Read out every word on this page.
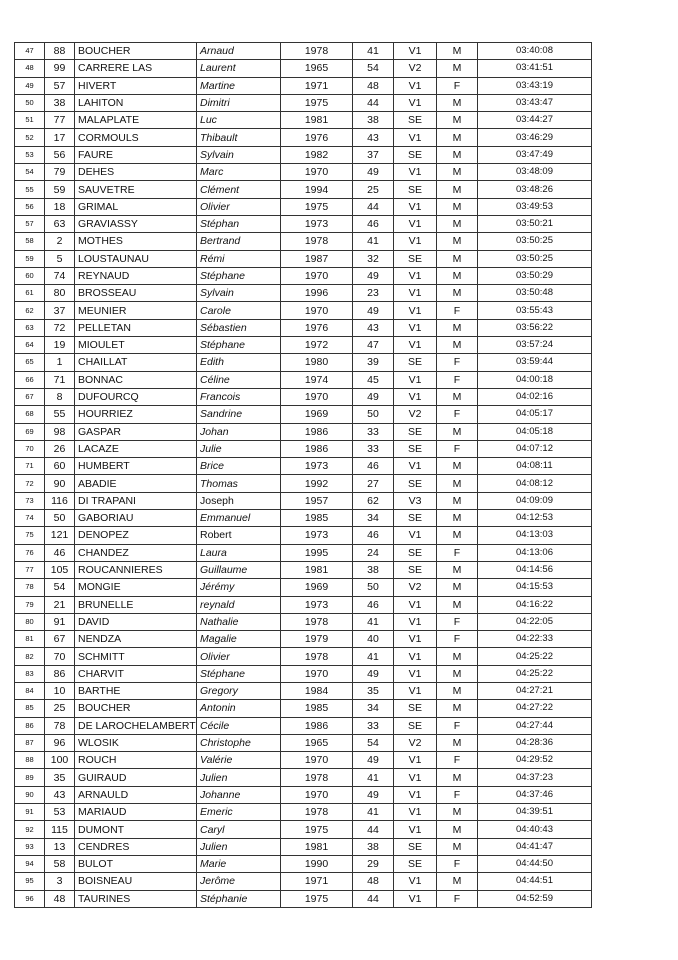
47	88	BOUCHER	Arnaud	1978	41	V1	M	03:40:08
48	99	CARRERE LAS	Laurent	1965	54	V2	M	03:41:51
49	57	HIVERT	Martine	1971	48	V1	F	03:43:19
50	38	LAHITON	Dimitri	1975	44	V1	M	03:43:47
51	77	MALAPLATE	Luc	1981	38	SE	M	03:44:27
52	17	CORMOULS	Thibault	1976	43	V1	M	03:46:29
53	56	FAURE	Sylvain	1982	37	SE	M	03:47:49
54	79	DEHES	Marc	1970	49	V1	M	03:48:09
55	59	SAUVETRE	Clément	1994	25	SE	M	03:48:26
56	18	GRIMAL	Olivier	1975	44	V1	M	03:49:53
57	63	GRAVIASSY	Stéphan	1973	46	V1	M	03:50:21
58	2	MOTHES	Bertrand	1978	41	V1	M	03:50:25
59	5	LOUSTAUNAU	Rémi	1987	32	SE	M	03:50:25
60	74	REYNAUD	Stéphane	1970	49	V1	M	03:50:29
61	80	BROSSEAU	Sylvain	1996	23	V1	M	03:50:48
62	37	MEUNIER	Carole	1970	49	V1	F	03:55:43
63	72	PELLETAN	Sébastien	1976	43	V1	M	03:56:22
64	19	MIOULET	Stéphane	1972	47	V1	M	03:57:24
65	1	CHAILLAT	Edith	1980	39	SE	F	03:59:44
66	71	BONNAC	Céline	1974	45	V1	F	04:00:18
67	8	DUFOURCQ	Francois	1970	49	V1	M	04:02:16
68	55	HOURRIEZ	Sandrine	1969	50	V2	F	04:05:17
69	98	GASPAR	Johan	1986	33	SE	M	04:05:18
70	26	LACAZE	Julie	1986	33	SE	F	04:07:12
71	60	HUMBERT	Brice	1973	46	V1	M	04:08:11
72	90	ABADIE	Thomas	1992	27	SE	M	04:08:12
73	116	DI TRAPANI	Joseph	1957	62	V3	M	04:09:09
74	50	GABORIAU	Emmanuel	1985	34	SE	M	04:12:53
75	121	DENOPEZ	Robert	1973	46	V1	M	04:13:03
76	46	CHANDEZ	Laura	1995	24	SE	F	04:13:06
77	105	ROUCANNIERES	Guillaume	1981	38	SE	M	04:14:56
78	54	MONGIE	Jérémy	1969	50	V2	M	04:15:53
79	21	BRUNELLE	reynald	1973	46	V1	M	04:16:22
80	91	DAVID	Nathalie	1978	41	V1	F	04:22:05
81	67	NENDZA	Magalie	1979	40	V1	F	04:22:33
82	70	SCHMITT	Olivier	1978	41	V1	M	04:25:22
83	86	CHARVIT	Stéphane	1970	49	V1	M	04:25:22
84	10	BARTHE	Gregory	1984	35	V1	M	04:27:21
85	25	BOUCHER	Antonin	1985	34	SE	M	04:27:22
86	78	DE LAROCHELAMBERT	Cécile	1986	33	SE	F	04:27:44
87	96	WLOSIK	Christophe	1965	54	V2	M	04:28:36
88	100	ROUCH	Valérie	1970	49	V1	F	04:29:52
89	35	GUIRAUD	Julien	1978	41	V1	M	04:37:23
90	43	ARNAULD	Johanne	1970	49	V1	F	04:37:46
91	53	MARIAUD	Emeric	1978	41	V1	M	04:39:51
92	115	DUMONT	Caryl	1975	44	V1	M	04:40:43
93	13	CENDRES	Julien	1981	38	SE	M	04:41:47
94	58	BULOT	Marie	1990	29	SE	F	04:44:50
95	3	BOISNEAU	Jerôme	1971	48	V1	M	04:44:51
96	48	TAURINES	Stéphanie	1975	44	V1	F	04:52:59
